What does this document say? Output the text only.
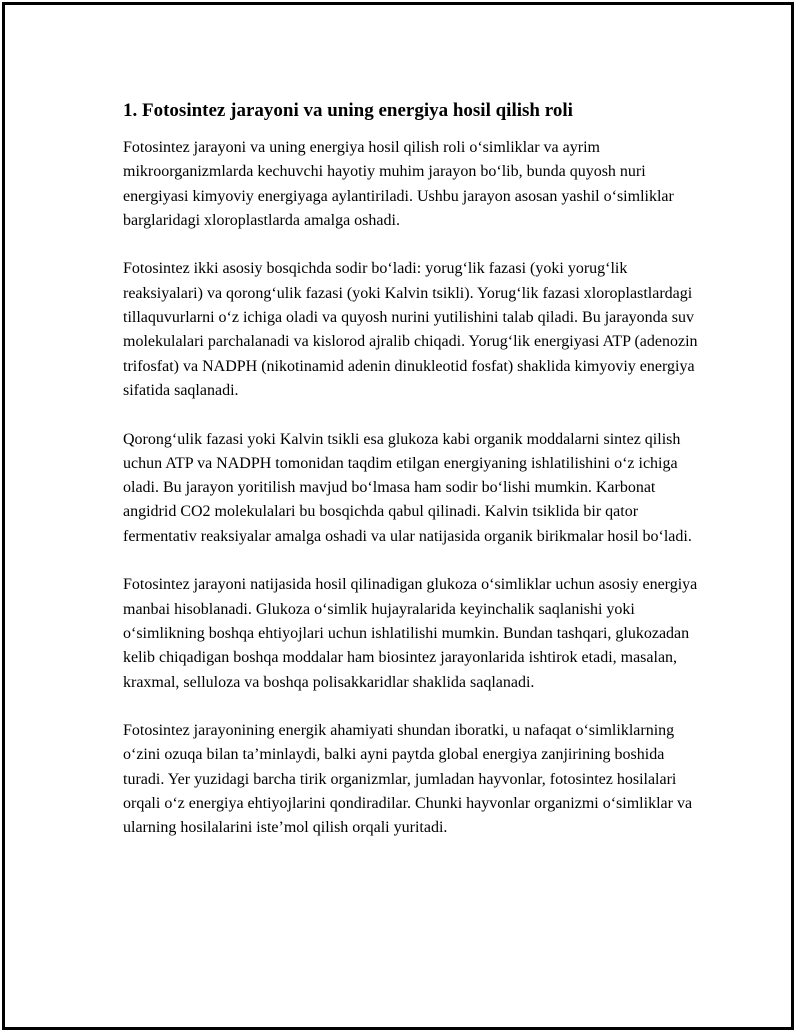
1. Fotosintez jarayoni va uning energiya hosil qilish roli

Fotosintez jarayoni va uning energiya hosil qilish roli oʻsimliklar va ayrim mikroorganizmlarda kechuvchi hayotiy muhim jarayon boʻlib, bunda quyosh nuri energiyasi kimyoviy energiyaga aylantiriladi. Ushbu jarayon asosan yashil oʻsimliklar barglaridagi xloroplastlarda amalga oshadi.

Fotosintez ikki asosiy bosqichda sodir boʻladi: yorugʻlik fazasi (yoki yorugʻlik reaksiyalari) va qorongʻulik fazasi (yoki Kalvin tsikli). Yorugʻlik fazasi xloroplastlardagi tillaquvurlarni oʻz ichiga oladi va quyosh nurini yutilishini talab qiladi. Bu jarayonda suv molekulalari parchalanadi va kislorod ajralib chiqadi. Yorugʻlik energiyasi ATP (adenozin trifosfat) va NADPH (nikotinamid adenin dinukleotid fosfat) shaklida kimyoviy energiya sifatida saqlanadi.

Qorongʻulik fazasi yoki Kalvin tsikli esa glukoza kabi organik moddalarni sintez qilish uchun ATP va NADPH tomonidan taqdim etilgan energiyaning ishlatilishini oʻz ichiga oladi. Bu jarayon yoritilish mavjud boʻlmasa ham sodir boʻlishi mumkin. Karbonat angidrid CO2 molekulalari bu bosqichda qabul qilinadi. Kalvin tsiklida bir qator fermentativ reaksiyalar amalga oshadi va ular natijasida organik birikmalar hosil boʻladi.

Fotosintez jarayoni natijasida hosil qilinadigan glukoza oʻsimliklar uchun asosiy energiya manbai hisoblanadi. Glukoza oʻsimlik hujayralarida keyinchalik saqlanishi yoki oʻsimlikning boshqa ehtiyojlari uchun ishlatilishi mumkin. Bundan tashqari, glukozadan kelib chiqadigan boshqa moddalar ham biosintez jarayonlarida ishtirok etadi, masalan, kraxmal, selluloza va boshqa polisakkaridlar shaklida saqlanadi.

Fotosintez jarayonining energik ahamiyati shundan iboratki, u nafaqat oʻsimliklarning oʻzini ozuqa bilan taʼminlaydi, balki ayni paytda global energiya zanjirining boshida turadi. Yer yuzidagi barcha tirik organizmlar, jumladan hayvonlar, fotosintez hosilalari orqali oʻz energiya ehtiyojlarini qondiradilar. Chunki hayvonlar organizmi oʻsimliklar va ularning hosilalarini isteʼmol qilish orqali yuritadi.
